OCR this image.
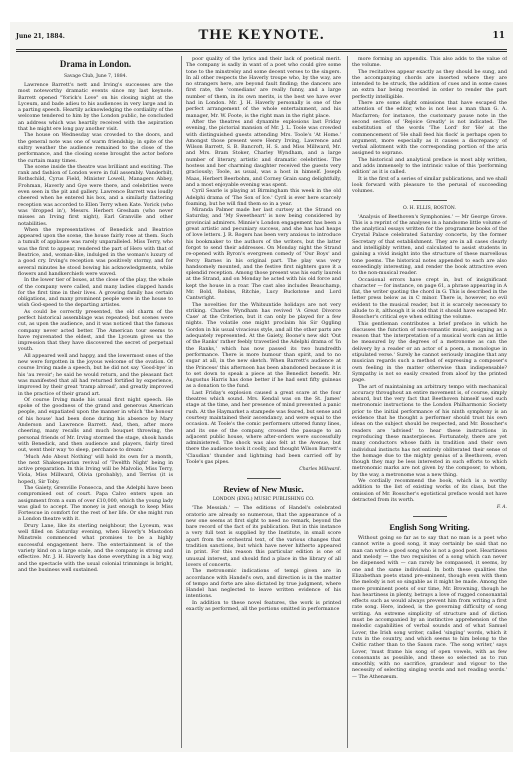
June 21, 1884.	THE KEYNOTE.	11
Drama in London.
Savage Club, June 7, 1884.

Lawrence Barrett's nett and Irving's successes are the most noteworthy dramatic events since my last keynote. Barrett opened "Yorick's Love" on his closing night at the Lyceum, and bade adieu to his audiences in very large and in a parting speech. Heartily acknowledging the cordiality of the welcome tendered to him by the London public, he concluded an address which was heartily received with the aspiration that he might ere long pay another visit.

The house on Wednesday was crowded to the doors, and the general note was one of warm friendship; in spite of the sultry weather the audience remained to the close of the performance, and the closing scene brought the actor before the curtain many times.

The scene inside the theatre was brilliant and exciting. The rank and fashion of London were in full assembly. Vanderbilt, Rothschild, Cyrus Field, Minister Lowell, Managers Abbey, Frohman, Haverly and Gye were there, and celebrities were even seen in the pit and gallery. Lawrence Barrett was loudly cheered when he entered his box, and a similarly flattering reception was accorded to Ellen Terry when Kate. Yorick (who was 'dropped in'), Messrs. Herbert Gresham (who never misses an Irving first night), Earl Granville and other notabilities.

When the representatives of Benedick and Beatrice appeared upon the scene, the house fairly rose at them. Such a tumult of applause was rarely unparalleled. Miss Terry, who was the first to appear, rendered the part of Hero with that of Beatrice, and, woman-like, indulged in the woman's luxury of a good cry. Irving's reception was positively stormy, and for several minutes he stood bowing his acknowledgments, while flowers and handkerchiefs were waved.

In the lower tier of boxes, at the close of the play, the whole of the company were called, and many ladies clapped hands for the first time in their lives. A growing family has certain obligations, and many prominent people were in the house to wish God-speed to the departing artistes.

As could be correctly presented, the old charm of the perfect historical assemblage was repeated; but scenes were cut, as upon the audience, and it was noticed that the famous company never acted better. The American tour seems to have rejuvenated the eldest, and the Lyceum gives us the impression that they have discovered the secret of perpetual youth.

All appeared well and happy, and the lowermost ones of the new were forgotten in the joyous welcome of the ovation. Of course Irving made a speech, but he did not say 'Good-bye' in his 'au revoir'; he said he would return, and the pleasant fact was manifested that all had returned fortified by experience, improved by their great 'tramp abroad', and greatly improved in the practice of their grand art.

Of course Irving made his usual first night speech. He spoke of the goodness of the grand and generous American people, and expatiated upon the manner in which 'the honour of his house' had been done during his absence by Mary Anderson and Lawrence Barrett. And, then, after more cheering, many recalls and much bouquet throwing, the personal friends of Mr. Irving stormed the stage, shook hands with Benedick, and then audience and players, fairly tired out, went their way 'to sleep, perchance to dream.'

'Much Ado About Nothing' will hold its own for a month, the next Shakespearian revival of 'Twelfth Night' being in active preparation. In this Irving will be Malvolio, Miss Terry, Viola, Miss Millward, Olivia (probably), and Terriss (it is hoped), Sir Toby.

The Gaiety, Grenville Fonsecca, and the Adelphi have been compromised out of court. Papa Calvo enters upon an assignment from a sum of over £10,000, which the young lady was glad to accept. The money is just enough to keep Miss Fortescue in comfort for the rest of her life. Or she might run a London theatre with it.

Drury Lane, like its sterling neighbour, the Lyceum, was well filled on Saturday evening, when Haverly's Mastodon Minstrels commenced what promises to be a highly successful engagement here. The entertainment is of the variety kind on a large scale, and the company is strong and effective. Mr. J. H. Haverly has done everything in a big way, and the spectacle with the usual colonial trimmings is bright, and the business well sustained.

poor quality of the lyrics and their lack of poetical merit. The company is sadly in want of a poet who could give some tone to the minstrelsy and some decent verses to the singers. In all other respects the Haverly troupe who, by the way, are no strangers here, are beyond fault finding; the dancers are first rate, the 'comedians' are really funny, and a large number of them, in its own merits, is the best we have ever had in London. Mr. J. H. Haverly personally is one of the perfect arrangement of the whole entertainment, and his manager, Mr. W. Foote, is the right man in the right place.

After the theatres and dynamite explosions last Friday evening, the pictorial mansion of Mr. J. L. Toole was crowded with distinguished guests attending Mrs. Toole's 'At Home.' Amongst those present were Henry Irving, Lawrence and Wilson Barrett, S. B. Bancroft, H. S. and Miss Millward, Mr. and Mrs. Bram Stoker, Charley Wyndham, and a large number of literary, artistic and dramatic celebrities. The hostess and her charming daughter received the guests very graciously; Toole, as usual, was a host in himself. Joseph Maas, Herbert Beerbohm, and Corney Grain sang delightfully, and a most enjoyable evening was spent.

Cyril Searle is playing at Birmingham this week in the old Adelphi drama of 'The Son of Ice.' Cyril is ever here scarcely foaming, but he will find them so in a year.

Miranda Palmer made her last curtsey at the Strand on Saturday, and 'My Sweetheart' is now being considered by provincial admirers. Minnie's London engagement has been a great artistic and pecuniary success, and she has had heaps of love letters. J. R. Rogers has been very anxious to introduce his bookmaker to the authors of the writers, but the latter forgot to send their addresses. On Monday night the Strand re-opened with Byron's evergreen comedy of 'Our Boys' and Percy Barnes in his original part. The play was very handsomely mounted, and the festive first nighters gave it a splendid reception. Among those present was his early laurels at the Strand, and on Monday he acted with his old force and kept the house in a roar. The cast also includes Beauchamp, Mr. Bold, Robins, Ritchie, Lucy Buckstone and Lord Cantwright.

The novelties for the Whitsuntide holidays are not very striking. Charles Wyndham has revived 'A Great Divorce Case' at the Criterion, but it can only be played for a few nights. The volatile one might proclaim his Sir Oggling Gordon in his usual vivacious style, and all the other parts are adequately represented. At the Gaiety, Boone's new skit 'Out of the Ranks' rather feebly travestied the Adelphi drama of 'In the Ranks,' which has now passed its two hundredth performance. There is more humour than spirit, and to no sugar at all, in the new sketch. When Barrett's audience at the Princess' this afternoon has been abandoned because it is to set down to speak a piece at the Benedict benefit. Mr. Augustus Harris has done better if he had sent fifty guineas as a donation to the fund.

Last Friday's explosion caused a great scare at the four theatres which sound. Mrs. Kendal was on the St. James' stage at the time, and her presence of mind prevented a panic rush. At the Haymarket a stampede was feared, but sense and courtesy maintained their ascendancy, and were equal to the occasion. At Toole's the comic performers uttered funny lines, and its one of the company, crossed the passage to an adjacent public house, where after-orders were successfully administered. The shock was also felt at the Avenue, but there the audience took it coolly, and thought Wilson Barrett's 'Claudian' thunder and lightning had been carried off by Toole's gas pipes.

Charles Millward.
Review of New Music.
LONDON (ENG.) MUSIC PUBLISHING CO.

'The Messiah.' — The editions of Handel's celebrated oratorio are already so numerous, that the appearance of a new one seems at first sight to need no remark, beyond the bare record of the fact of its publication. But in this instance a very full text is supplied by the Institute, in small score apart from the orchestral text, of the various changes that tradition sanctions, but which have never hitherto appeared in print. For this reason this particular edition is one of unusual interest, and should find a place in the library of all lovers of concerts.

The metronomic indications of tempi given are in accordance with Handel's own, and direction is in the matter of tempo and forte are also dictated by true judgment, where Handel has neglected to leave written evidence of his intentions.

In addition to these novel features, the work is printed exactly as performed, all the portions omitted in performance

more forming an appendix. This also adds to the value of the volume.

The recitatives appear exactly as they should be sung, and the accompanying chords are inserted where they are intended to be struck, the addition of cues and in some cases an extra bar being recorded in order to render the part perfectly intelligible.

There are some slight omissions that have escaped the attention of the editor, who is not less a man than G. A. Macfarren; for instance, the customary pause note in the second section of 'Rejoice Greatly' is not indicated. The substitution of the words 'The Lord' for 'He' at the commencement of 'He shall feed his flock' is perhaps open to argument, more especially as it causes a discrepancy of verbal allotment with the corresponding portion of the aria assigned to soprano.

The historical and analytical preface is most ably written, and adds immensely to the intrinsic value of this 'performing edition' as it is called.

It is the first of a series of similar publications, and we shall look forward with pleasure to the perusal of succeeding volumes.

O. H. ELLIS, BOSTON.

'Analysis of Beethoven's Symphonies.' — Mr George Grove. This is a reprint of the analyses in a handsome little volume of the analytical essays written for the programme books of the Crystal Palace celebrated Saturday concerts, by the former Secretary of that establishment. They are in all cases clearly and intelligibly written, and calculated to assist students in gaining a vivid insight into the structure of these marvellous tone poems. The historical notes appended to each are also exceedingly interesting, and render the book attractive even to the non-musical reader.

Occasional errors have crept in, but of insignificant character — for instance, on page 61, a phrase appearing in A flat, the writer quoting the chord in G. This is described in the letter press below as in C minor. There is, however, no evil evident to the musical reader, but it is scarcely necessary to allude to it, although it is odd that it should have escaped Mr. Bosscher's critical eye when editing the volume.

This gentleman contributes a brief preface in which he discusses the function of non-romantic music, assigning as a reason that 'the interpretation of a musical work can as little be measured by the degrees of a metronome as can the delivery by a reader or an actor of a poem, a monologue in stipulated verse.' Surely he cannot seriously imagine that any musician regards such a method of expressing a composer's own feeling in the matter otherwise than indispensable? Sympathy is not so easily created from aloof by the printed page.

The art of maintaining an arbitrary tempo with mechanical accuracy throughout an entire movement is, of course, simply absurd, but the very fact that Beethoven himself used such metronomic instructions to the London Philharmonic Society prior to the initial performance of his ninth symphony is an evidence that he thought a performer should trust his own ideas on the subject should be respected, and Mr. Bosscher's readers are 'advised' to hear these instructions in reproducing these masterpieces. Fortunately, there are yet many conductors whose faith in tradition and their own individual instincts has not entirely obliterated their sense of the homage due to the mighty genius of a Beethoven, even though they may be less interested in such efforts to which metronomic marks are not given by the composer, to whom, by the way, a metronome was a new thing.

We cordially recommend the book, which is a worthy addition to the list of existing works of its class, but the omission of Mr. Bosscher's egotistical preface would not have detracted from its worth.

F. A.
English Song Writing.

Without going so far as to say that no man is a poet who cannot write a good song, it may certainly be said that no man can write a good song who is not a good poet. Heartiness and melody — the two requisites of a song which can never be dispensed with — can rarely be compassed, it seems, by one and the same individual. In both these qualities the Elizabethan poets stand pre-eminent, though even with them the melody is not so singable as it might be made. Among the more prominent poets of our time, Mr. Browning, though he has heartiness in plenty, betrays a love of rugged consonantal effects such as would always prevent him from writing a first rate song. Here, indeed, is the governing difficulty of song writing. An extreme simplicity of structure and of diction must be accompanied by an instinctive apprehension of the melodic capabilities of verbal sounds and of what Samuel Lover, the Irish song writer, called 'singing' words, which it ruts in the country, and which seems to him belong to the Celtic rather than to the Saxon race. 'The song writer,' says Lover, 'must frame his song of open vowels, with as few consonants as possible, and these so selected as to run smoothly, with no sacrifice, grandeur and vigour to the necessity of selecting singing words and not reading words.' — The Athenæum.
